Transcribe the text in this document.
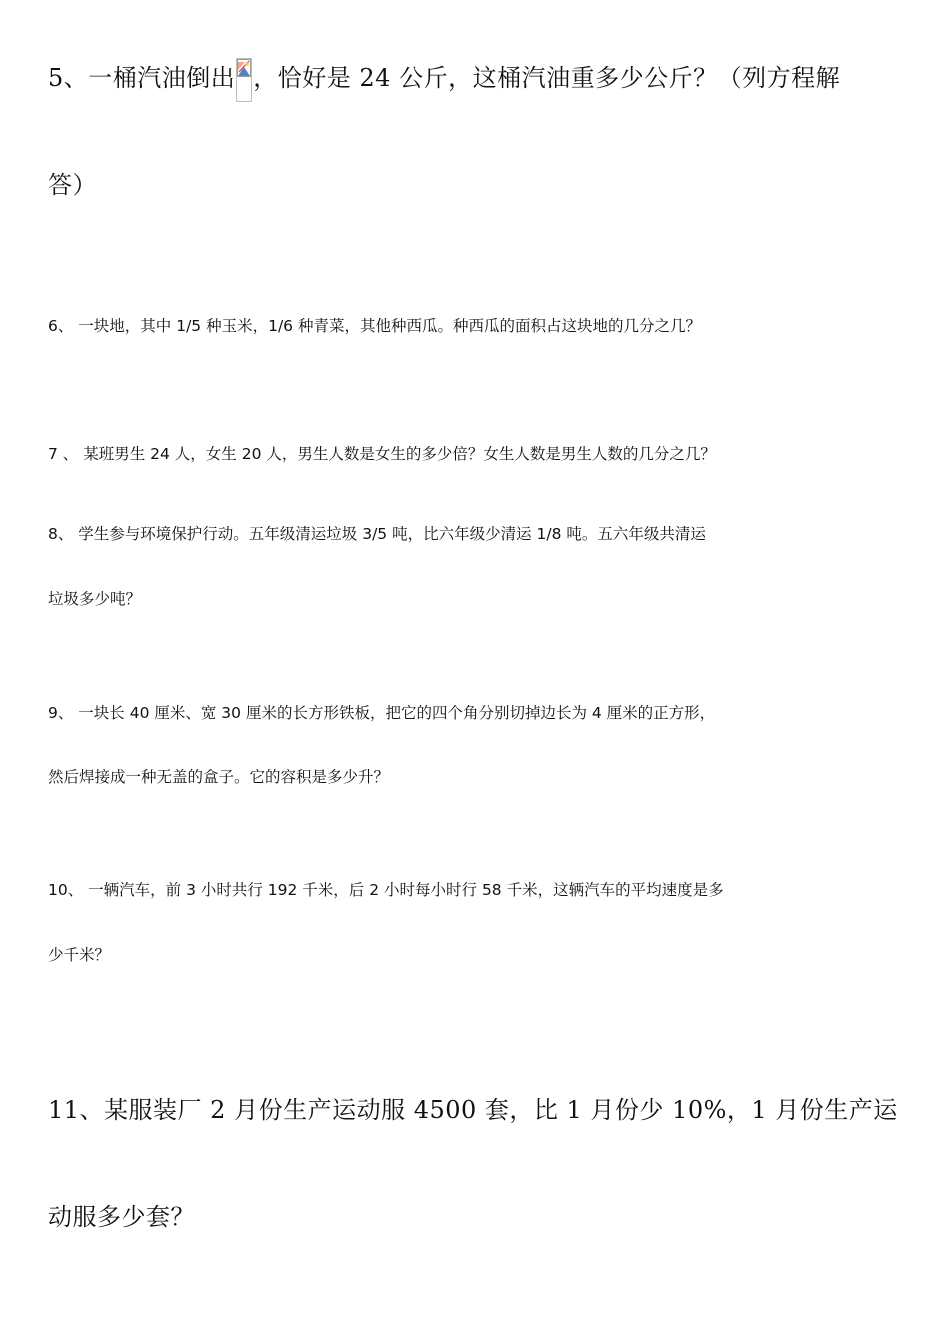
5、一桶汽油倒出 ，恰好是 24 公斤，这桶汽油重多少公斤？（列方程解
答）
6、 一块地，其中 1/5 种玉米，1/6 种青菜，其他种西瓜。种西瓜的面积占这块地的几分之几？
7 、 某班男生 24 人，女生 20 人，男生人数是女生的多少倍？女生人数是男生人数的几分之几？
8、 学生参与环境保护行动。五年级清运垃圾 3/5 吨，比六年级少清运 1/8 吨。五六年级共清运
垃圾多少吨？
9、 一块长 40 厘米、宽 30 厘米的长方形铁板，把它的四个角分别切掉边长为 4 厘米的正方形，
然后焊接成一种无盖的盒子。它的容积是多少升？
10、 一辆汽车，前 3 小时共行 192 千米，后 2 小时每小时行 58 千米，这辆汽车的平均速度是多
少千米？
11、某服装厂 2 月份生产运动服 4500 套，比 1 月份少 10%，1 月份生产运
动服多少套？
